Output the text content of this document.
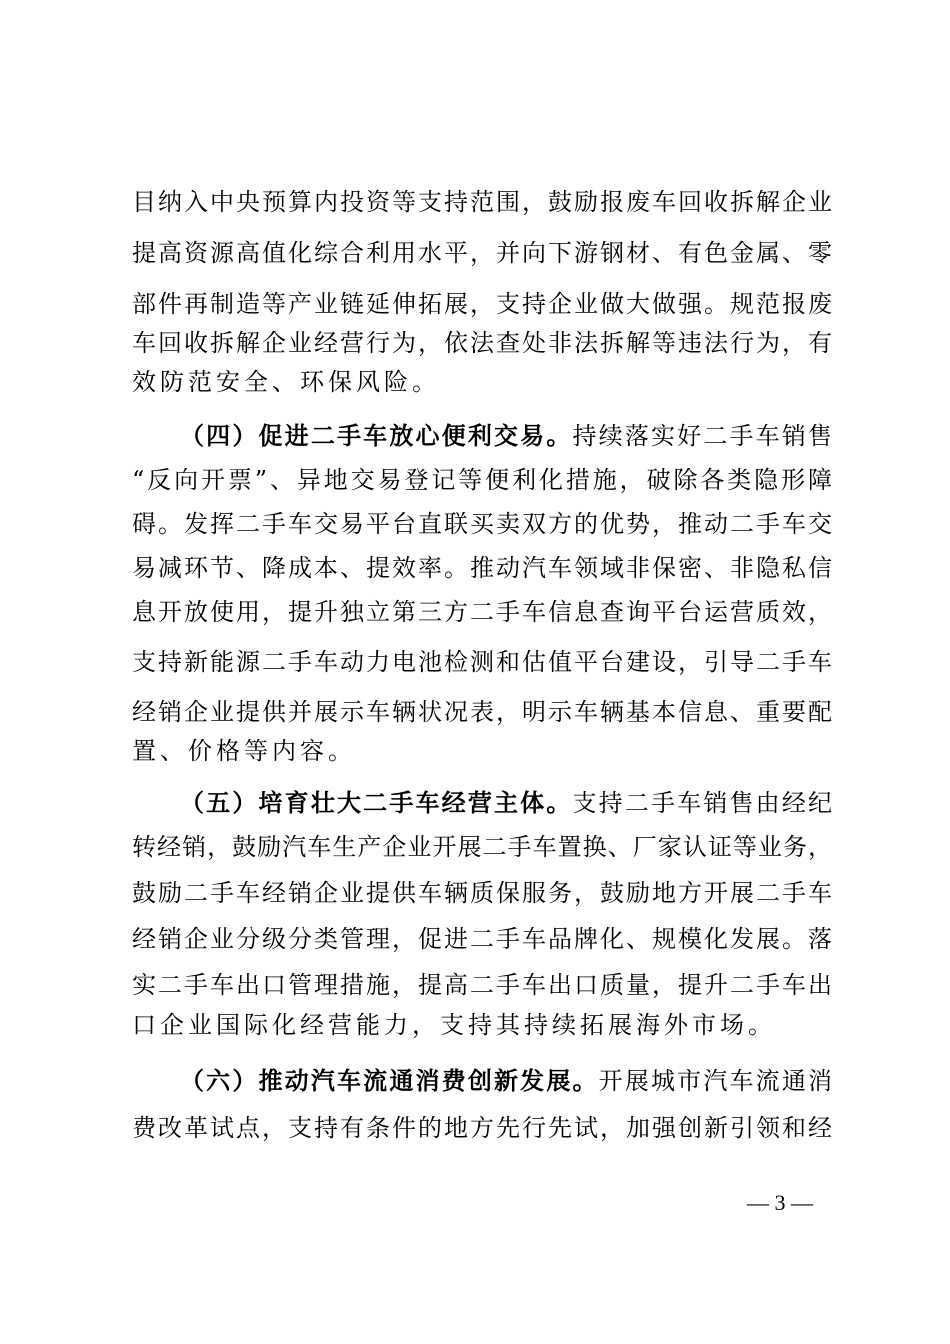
目纳入中央预算内投资等支持范围，鼓励报废车回收拆解企业
提高资源高值化综合利用水平，并向下游钢材、有色金属、零
部件再制造等产业链延伸拓展，支持企业做大做强。规范报废
车回收拆解企业经营行为，依法查处非法拆解等违法行为，有
效防范安全、环保风险。
（四）促进二手车放心便利交易。持续落实好二手车销售
“反向开票”、异地交易登记等便利化措施，破除各类隐形障
碍。发挥二手车交易平台直联买卖双方的优势，推动二手车交
易减环节、降成本、提效率。推动汽车领域非保密、非隐私信
息开放使用，提升独立第三方二手车信息查询平台运营质效，
支持新能源二手车动力电池检测和估值平台建设，引导二手车
经销企业提供并展示车辆状况表，明示车辆基本信息、重要配
置、价格等内容。
（五）培育壮大二手车经营主体。支持二手车销售由经纪
转经销，鼓励汽车生产企业开展二手车置换、厂家认证等业务，
鼓励二手车经销企业提供车辆质保服务，鼓励地方开展二手车
经销企业分级分类管理，促进二手车品牌化、规模化发展。落
实二手车出口管理措施，提高二手车出口质量，提升二手车出
口企业国际化经营能力，支持其持续拓展海外市场。
（六）推动汽车流通消费创新发展。开展城市汽车流通消
费改革试点，支持有条件的地方先行先试，加强创新引领和经
— 3 —
